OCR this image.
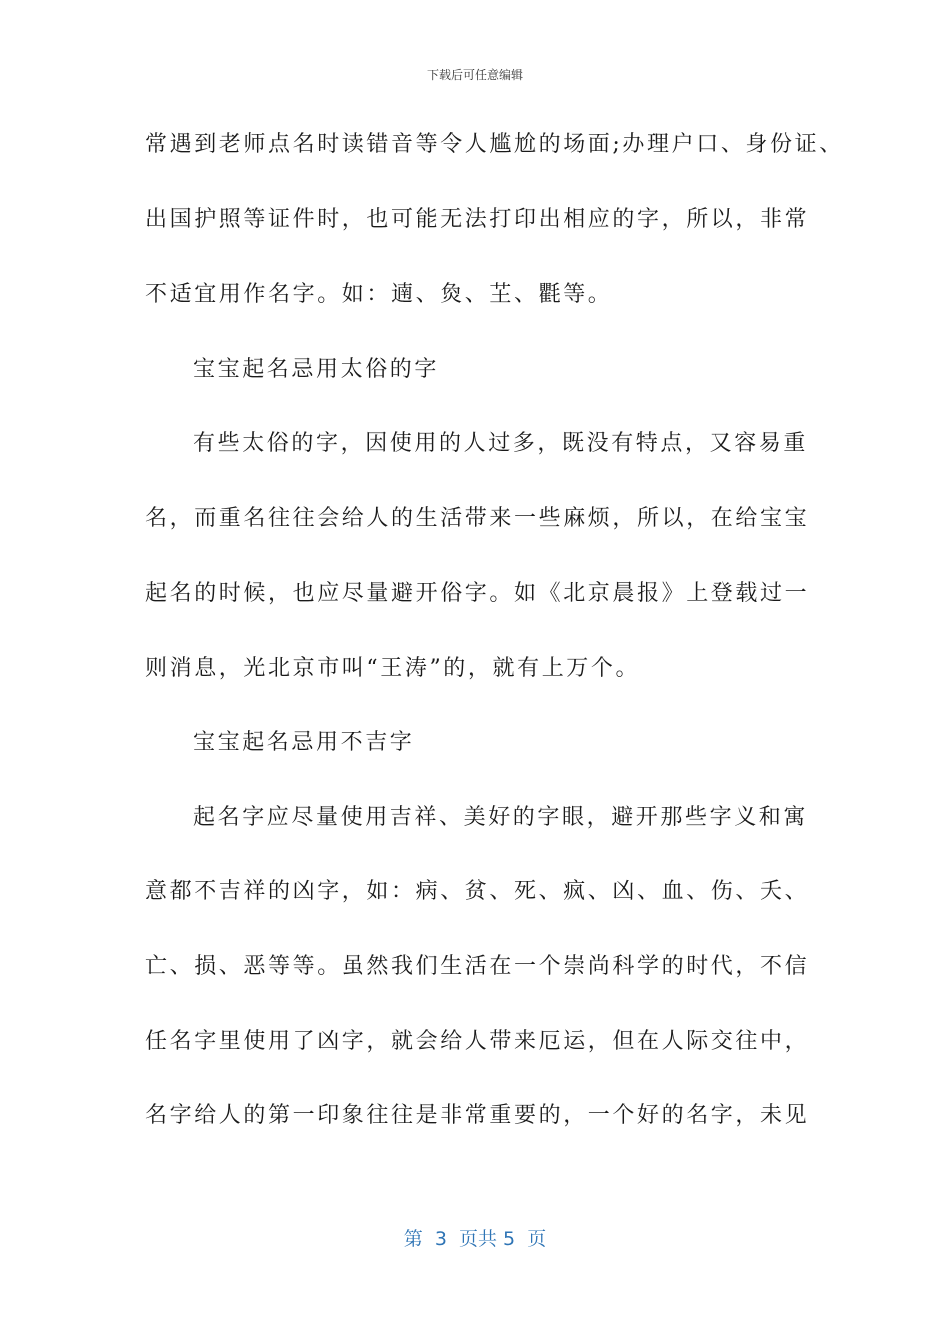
下载后可任意编辑
常遇到老师点名时读错音等令人尴尬的场面;办理户口、身份证、
出国护照等证件时，也可能无法打印出相应的字，所以，非常
不适宜用作名字。如：遖、烉、芏、氍等。
宝宝起名忌用太俗的字
有些太俗的字，因使用的人过多，既没有特点，又容易重
名，而重名往往会给人的生活带来一些麻烦，所以，在给宝宝
起名的时候，也应尽量避开俗字。如《北京晨报》上登载过一
则消息，光北京市叫“王涛”的，就有上万个。
宝宝起名忌用不吉字
起名字应尽量使用吉祥、美好的字眼，避开那些字义和寓
意都不吉祥的凶字，如：病、贫、死、疯、凶、血、伤、夭、
亡、损、恶等等。虽然我们生活在一个崇尚科学的时代，不信
任名字里使用了凶字，就会给人带来厄运，但在人际交往中，
名字给人的第一印象往往是非常重要的，一个好的名字，未见
第  3  页共 5  页
